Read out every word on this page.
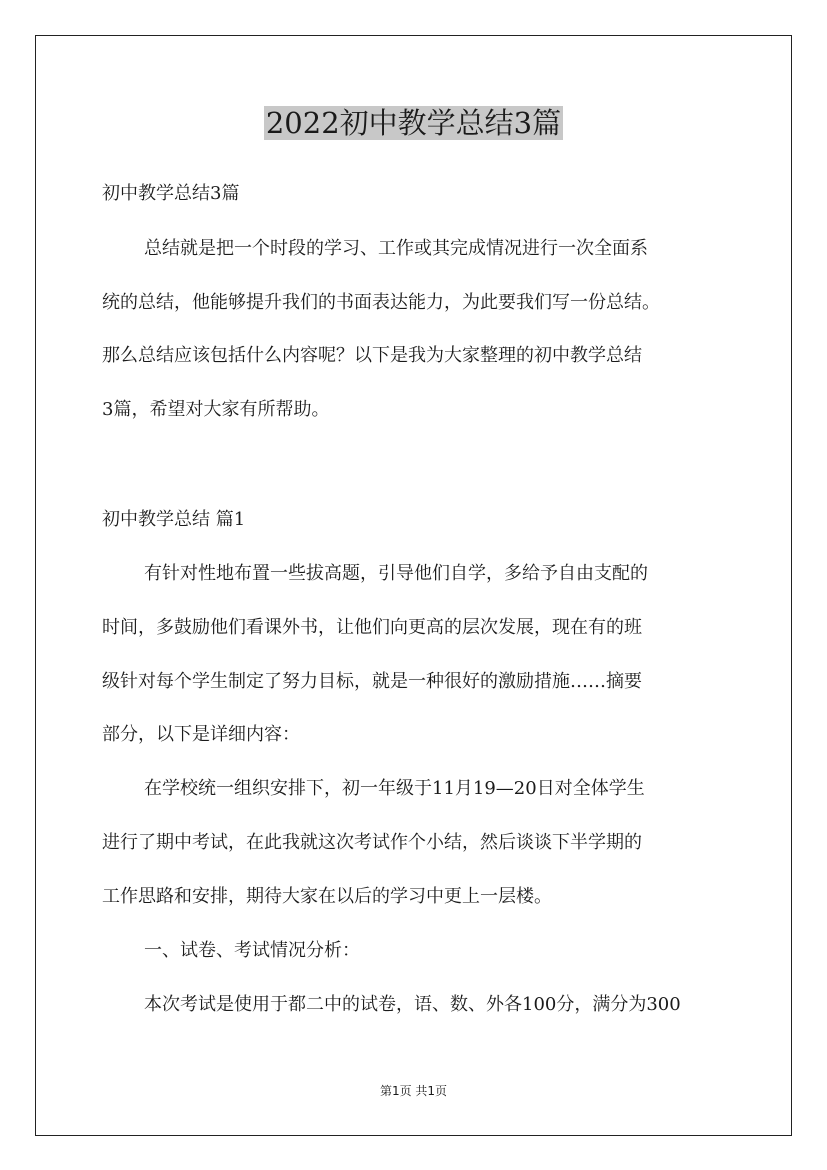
2022初中教学总结3篇
初中教学总结3篇
总结就是把一个时段的学习、工作或其完成情况进行一次全面系
统的总结，他能够提升我们的书面表达能力，为此要我们写一份总结。
那么总结应该包括什么内容呢？以下是我为大家整理的初中教学总结
3篇，希望对大家有所帮助。
初中教学总结 篇1
有针对性地布置一些拔高题，引导他们自学，多给予自由支配的
时间，多鼓励他们看课外书，让他们向更高的层次发展，现在有的班
级针对每个学生制定了努力目标，就是一种很好的激励措施……摘要
部分，以下是详细内容：
在学校统一组织安排下，初一年级于11月19—20日对全体学生
进行了期中考试，在此我就这次考试作个小结，然后谈谈下半学期的
工作思路和安排，期待大家在以后的学习中更上一层楼。
一、试卷、考试情况分析：
本次考试是使用于都二中的试卷，语、数、外各100分，满分为300
第1页 共1页
